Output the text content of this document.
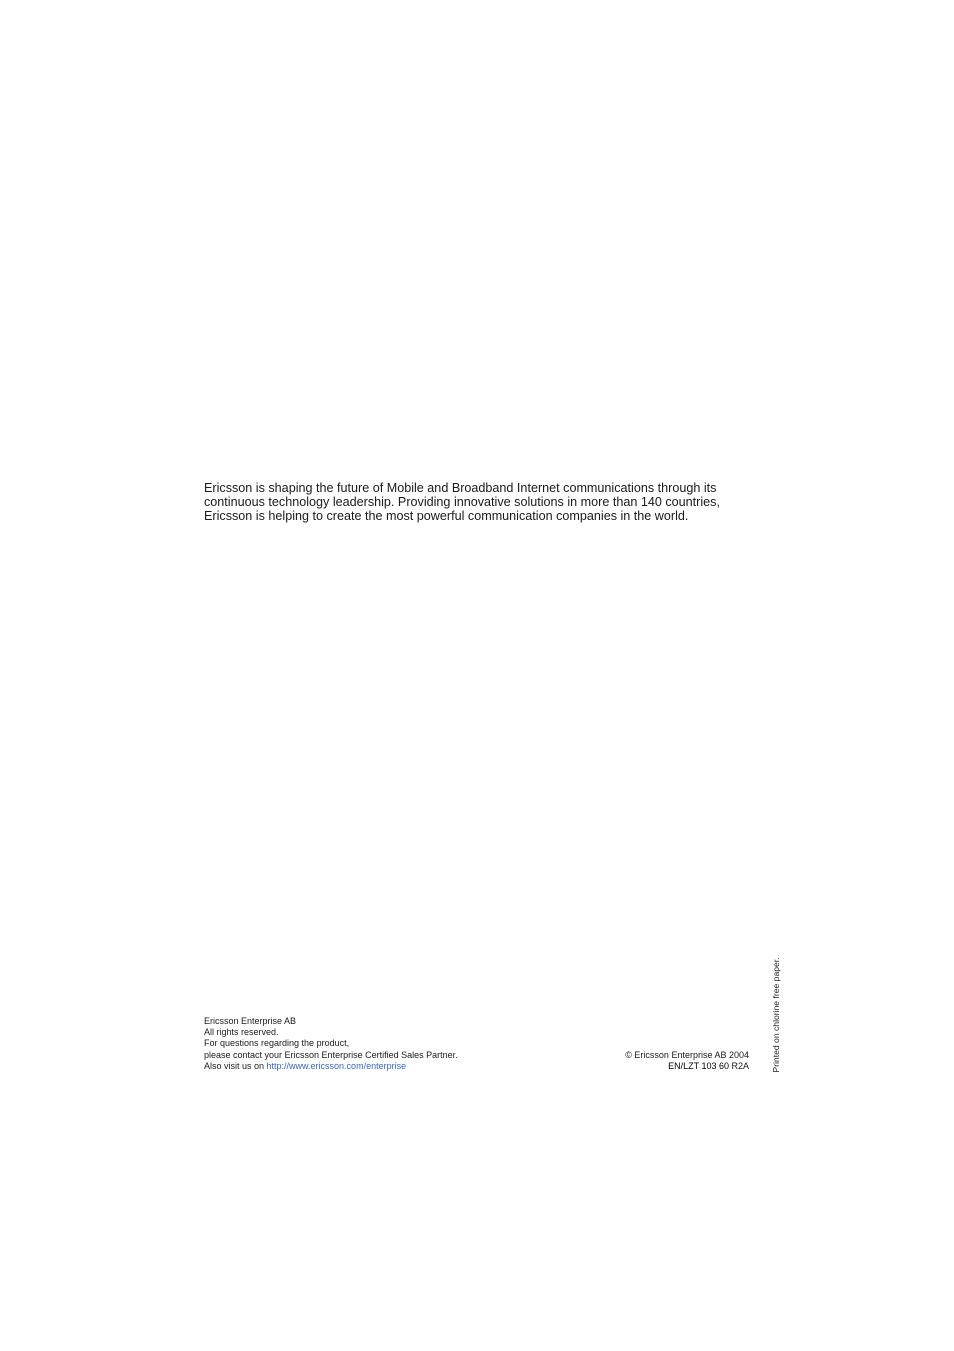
Ericsson is shaping the future of Mobile and Broadband Internet communications through its

continuous technology leadership. Providing innovative solutions in more than 140 countries,

Ericsson is helping to create the most powerful communication companies in the world.

Ericsson Enterprise AB
All rights reserved.
For questions regarding the product,
please contact your Ericsson Enterprise Certified Sales Partner.
Also visit us on http://www.ericsson.com/enterprise
© Ericsson Enterprise AB 2004
EN/LZT 103 60 R2A	Printed on chlorine free paper.
